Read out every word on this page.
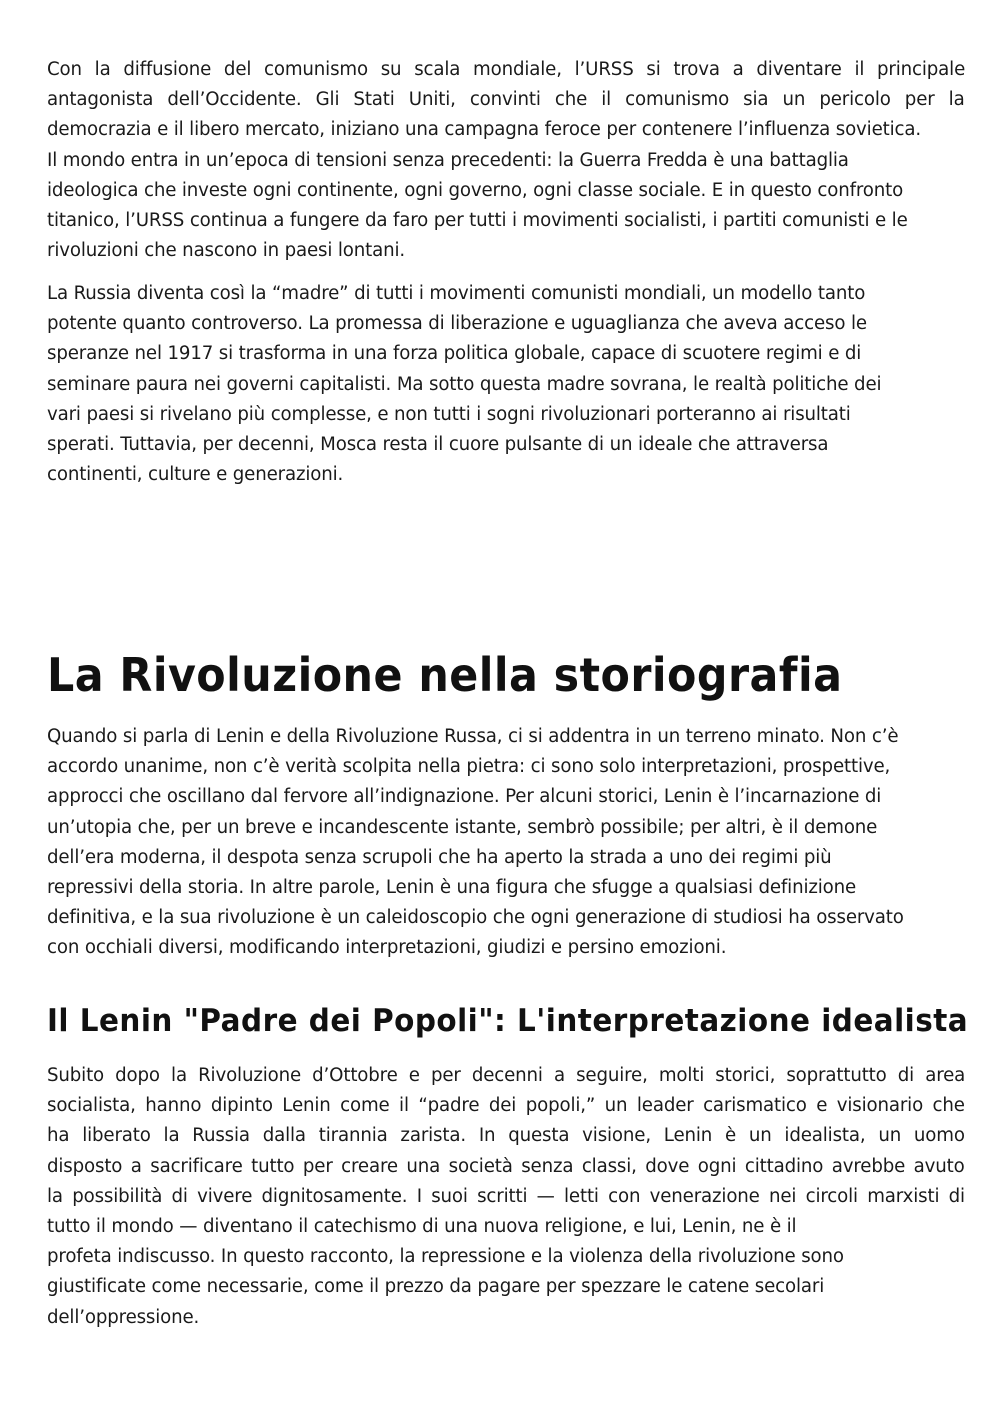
Con la diffusione del comunismo su scala mondiale, l’URSS si trova a diventare il principale
antagonista dell’Occidente. Gli Stati Uniti, convinti che il comunismo sia un pericolo per la
democrazia e il libero mercato, iniziano una campagna feroce per contenere l’influenza sovietica.
Il mondo entra in un’epoca di tensioni senza precedenti: la Guerra Fredda è una battaglia
ideologica che investe ogni continente, ogni governo, ogni classe sociale. E in questo confronto
titanico, l’URSS continua a fungere da faro per tutti i movimenti socialisti, i partiti comunisti e le
rivoluzioni che nascono in paesi lontani.
La Russia diventa così la “madre” di tutti i movimenti comunisti mondiali, un modello tanto
potente quanto controverso. La promessa di liberazione e uguaglianza che aveva acceso le
speranze nel 1917 si trasforma in una forza politica globale, capace di scuotere regimi e di
seminare paura nei governi capitalisti. Ma sotto questa madre sovrana, le realtà politiche dei
vari paesi si rivelano più complesse, e non tutti i sogni rivoluzionari porteranno ai risultati
sperati. Tuttavia, per decenni, Mosca resta il cuore pulsante di un ideale che attraversa
continenti, culture e generazioni.
La Rivoluzione nella storiografia
Quando si parla di Lenin e della Rivoluzione Russa, ci si addentra in un terreno minato. Non c’è
accordo unanime, non c’è verità scolpita nella pietra: ci sono solo interpretazioni, prospettive,
approcci che oscillano dal fervore all’indignazione. Per alcuni storici, Lenin è l’incarnazione di
un’utopia che, per un breve e incandescente istante, sembrò possibile; per altri, è il demone
dell’era moderna, il despota senza scrupoli che ha aperto la strada a uno dei regimi più
repressivi della storia. In altre parole, Lenin è una figura che sfugge a qualsiasi definizione
definitiva, e la sua rivoluzione è un caleidoscopio che ogni generazione di studiosi ha osservato
con occhiali diversi, modificando interpretazioni, giudizi e persino emozioni.
Il Lenin "Padre dei Popoli": L'interpretazione idealista
Subito dopo la Rivoluzione d’Ottobre e per decenni a seguire, molti storici, soprattutto di area
socialista, hanno dipinto Lenin come il “padre dei popoli,” un leader carismatico e visionario che
ha liberato la Russia dalla tirannia zarista. In questa visione, Lenin è un idealista, un uomo
disposto a sacrificare tutto per creare una società senza classi, dove ogni cittadino avrebbe avuto
la possibilità di vivere dignitosamente. I suoi scritti — letti con venerazione nei circoli marxisti di
tutto il mondo — diventano il catechismo di una nuova religione, e lui, Lenin, ne è il
profeta indiscusso. In questo racconto, la repressione e la violenza della rivoluzione sono
giustificate come necessarie, come il prezzo da pagare per spezzare le catene secolari
dell’oppressione.
